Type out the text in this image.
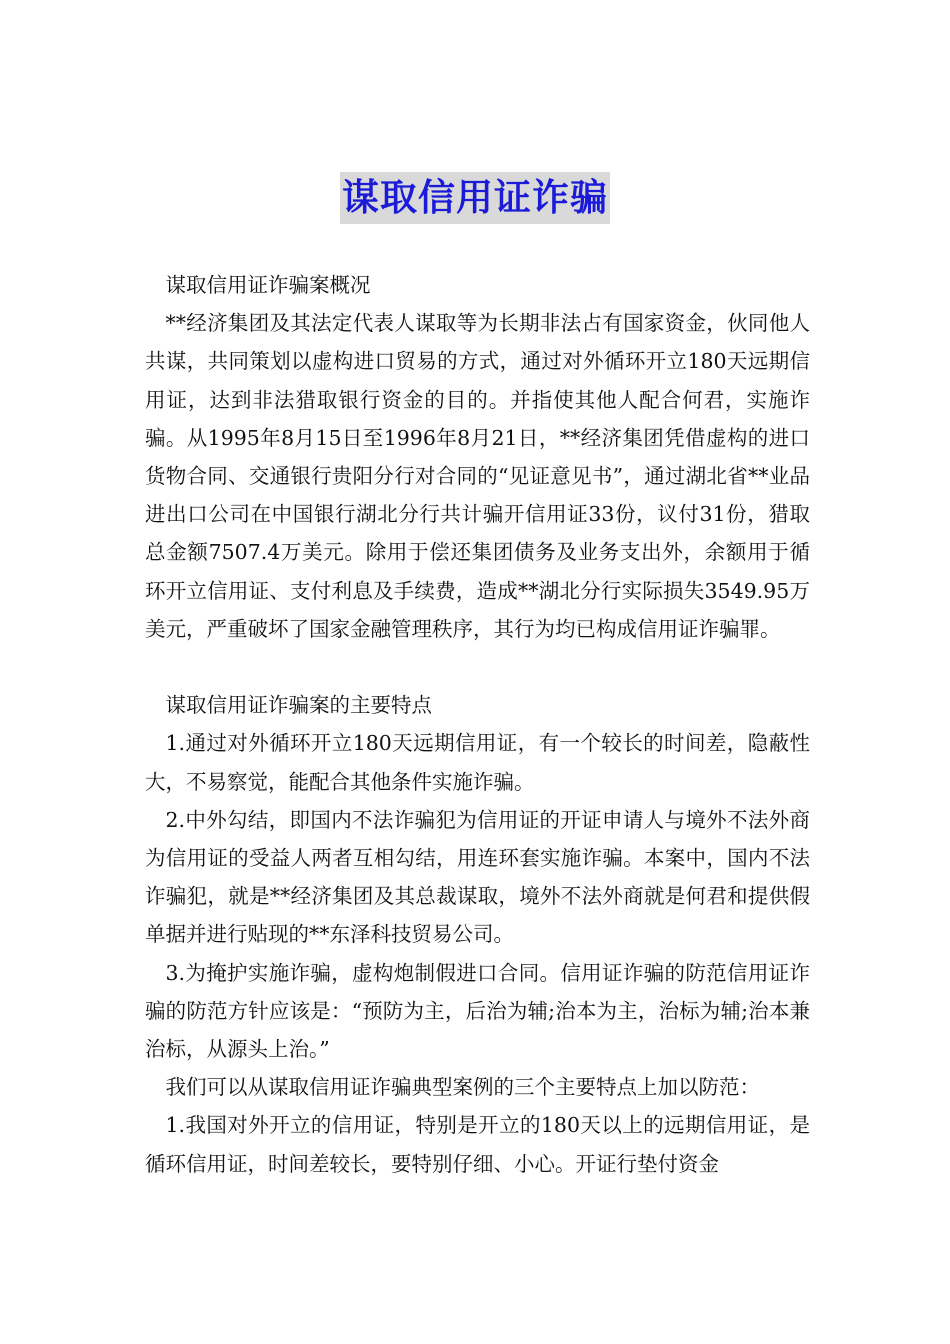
谋取信用证诈骗

谋取信用证诈骗案概况

**经济集团及其法定代表人谋取等为长期非法占有国家资金，伙同他人共谋，共同策划以虚构进口贸易的方式，通过对外循环开立180天远期信用证，达到非法猎取银行资金的目的。并指使其他人配合何君，实施诈骗。从1995年8月15日至1996年8月21日，**经济集团凭借虚构的进口货物合同、交通银行贵阳分行对合同的“见证意见书”，通过湖北省**业品进出口公司在中国银行湖北分行共计骗开信用证33份，议付31份，猎取总金额7507.4万美元。除用于偿还集团债务及业务支出外，余额用于循环开立信用证、支付利息及手续费，造成**湖北分行实际损失3549.95万美元，严重破坏了国家金融管理秩序，其行为均已构成信用证诈骗罪。

谋取信用证诈骗案的主要特点

1.通过对外循环开立180天远期信用证，有一个较长的时间差，隐蔽性大，不易察觉，能配合其他条件实施诈骗。

2.中外勾结，即国内不法诈骗犯为信用证的开证申请人与境外不法外商为信用证的受益人两者互相勾结，用连环套实施诈骗。本案中，国内不法诈骗犯，就是**经济集团及其总裁谋取，境外不法外商就是何君和提供假单据并进行贴现的**东泽科技贸易公司。

3.为掩护实施诈骗，虚构炮制假进口合同。信用证诈骗的防范信用证诈骗的防范方针应该是：“预防为主，后治为辅;治本为主，治标为辅;治本兼治标，从源头上治。”

我们可以从谋取信用证诈骗典型案例的三个主要特点上加以防范：

1.我国对外开立的信用证，特别是开立的180天以上的远期信用证，是循环信用证，时间差较长，要特别仔细、小心。开证行垫付资金
